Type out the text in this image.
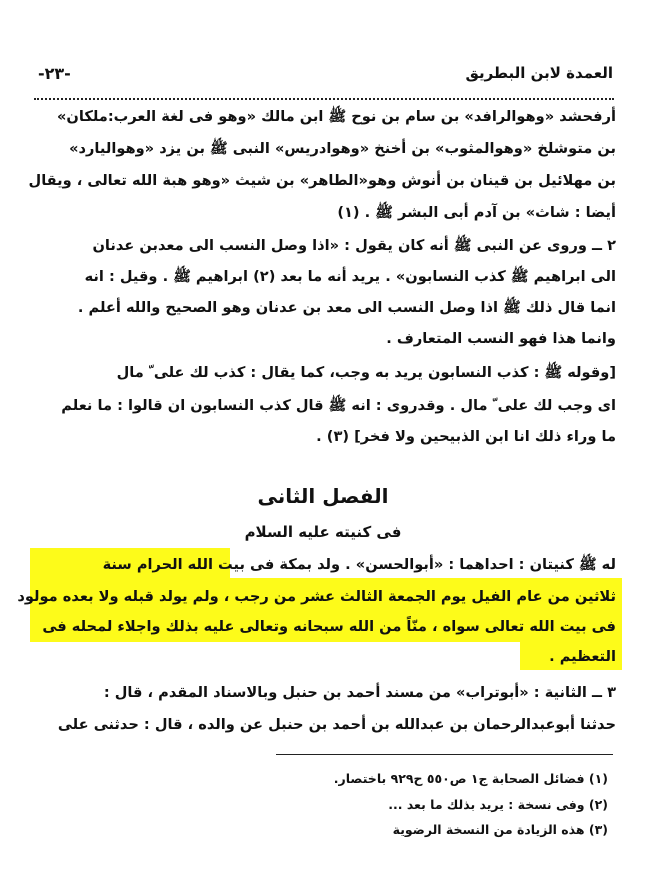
العمدة لابن البطريق
-٢٣-
أرفحشد «وهوالرافد» بن سام بن نوح ﷺ ابن مالك «وهو فى لغة العرب:ملكان»
بن متوشلخ «وهوالمثوب» بن أخنخ «وهوادريس» النبى ﷺ بن يزد «وهواليارد»
بن مهلائيل بن قينان بن أنوش وهو«الطاهر» بن شيث «وهو هبة الله تعالى ، ويقال
أيضا : شاث» بن آدم أبى البشر ﷺ . (١)
٢ ــ وروى عن النبى ﷺ أنه كان يقول : «اذا وصل النسب الى معدبن عدنان
الى ابراهيم ﷺ كذب النسابون» . يريد أنه ما بعد (٢) ابراهيم ﷺ . وقيل : انه
انما قال ذلك ﷺ اذا وصل النسب الى معد بن عدنان وهو الصحيح والله أعلم .
وانما هذا فهو النسب المتعارف .
[وقوله ﷺ : كذب النسابون يريد به وجب، كما يقال : كذب لك على ّ مال
اى وجب لك على ّ مال . وقدروى : انه ﷺ قال كذب النسابون ان قالوا : ما نعلم
ما وراء ذلك انا ابن الذبيحين ولا فخر] (٣) .
الفصل الثانى
فى كنيته عليه السلام
له ﷺ كنيتان : احداهما : «أبوالحسن» . ولد بمكة فى بيت الله الحرام سنة
ثلاثين من عام الفيل يوم الجمعة الثالث عشر من رجب ، ولم يولد قبله ولا بعده مولود
فى بيت الله تعالى سواه ، منّاً من الله سبحانه وتعالى عليه بذلك واجلاء لمحله فى
التعظيم .
٣ ــ الثانية : «أبوتراب» من مسند أحمد بن حنبل وبالاسناد المقدم ، قال :
حدثنا أبوعبدالرحمان بن عبدالله بن أحمد بن حنبل عن والده ، قال : حدثنى على
(١) فضائل الصحابة ج١ ص٥٥٠ ح٩٢٩ باختصار.
(٢) وفى نسخة : يريد بذلك ما بعد ...
(٣) هذه الزيادة من النسخة الرضوية
